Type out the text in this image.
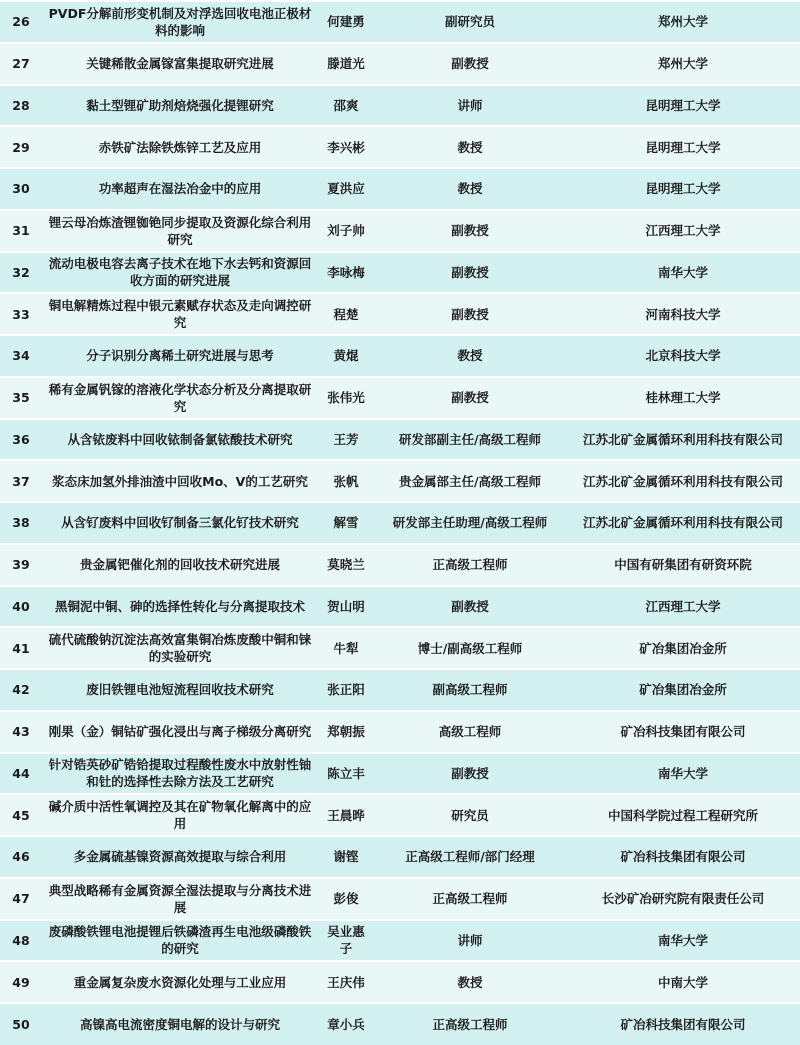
26	PVDF分解前形变机制及对浮选回收电池正极材料的影响	何建勇	副研究员	郑州大学
27	关键稀散金属镓富集提取研究进展	滕道光	副教授	郑州大学
28	黏土型锂矿助剂焙烧强化提锂研究	邵爽	讲师	昆明理工大学
29	赤铁矿法除铁炼锌工艺及应用	李兴彬	教授	昆明理工大学
30	功率超声在湿法冶金中的应用	夏洪应	教授	昆明理工大学
31	锂云母冶炼渣锂铷铯同步提取及资源化综合利用研究	刘子帅	副教授	江西理工大学
32	流动电极电容去离子技术在地下水去钙和资源回收方面的研究进展	李咏梅	副教授	南华大学
33	铜电解精炼过程中银元素赋存状态及走向调控研究	程楚	副教授	河南科技大学
34	分子识别分离稀土研究进展与思考	黄焜	教授	北京科技大学
35	稀有金属钒镓的溶液化学状态分析及分离提取研究	张伟光	副教授	桂林理工大学
36	从含铱废料中回收铱制备氯铱酸技术研究	王芳	研发部副主任/高级工程师	江苏北矿金属循环利用科技有限公司
37	浆态床加氢外排油渣中回收Mo、V的工艺研究	张帆	贵金属部主任/高级工程师	江苏北矿金属循环利用科技有限公司
38	从含钌废料中回收钌制备三氯化钌技术研究	解雪	研发部主任助理/高级工程师	江苏北矿金属循环利用科技有限公司
39	贵金属钯催化剂的回收技术研究进展	莫晓兰	正高级工程师	中国有研集团有研资环院
40	黑铜泥中铜、砷的选择性转化与分离提取技术	贺山明	副教授	江西理工大学
41	硫代硫酸钠沉淀法高效富集铜冶炼废酸中铜和铼的实验研究	牛犁	博士/副高级工程师	矿冶集团冶金所
42	废旧铁锂电池短流程回收技术研究	张正阳	副高级工程师	矿冶集团冶金所
43	刚果（金）铜钴矿强化浸出与离子梯级分离研究	郑朝振	高级工程师	矿冶科技集团有限公司
44	针对锆英砂矿锆铪提取过程酸性废水中放射性铀和钍的选择性去除方法及工艺研究	陈立丰	副教授	南华大学
45	碱介质中活性氧调控及其在矿物氧化解离中的应用	王晨晔	研究员	中国科学院过程工程研究所
46	多金属硫基镍资源高效提取与综合利用	谢铿	正高级工程师/部门经理	矿冶科技集团有限公司
47	典型战略稀有金属资源全湿法提取与分离技术进展	彭俊	正高级工程师	长沙矿冶研究院有限责任公司
48	废磷酸铁锂电池提锂后铁磷渣再生电池级磷酸铁的研究	吴业惠子	讲师	南华大学
49	重金属复杂废水资源化处理与工业应用	王庆伟	教授	中南大学
50	高镍高电流密度铜电解的设计与研究	章小兵	正高级工程师	矿冶科技集团有限公司
